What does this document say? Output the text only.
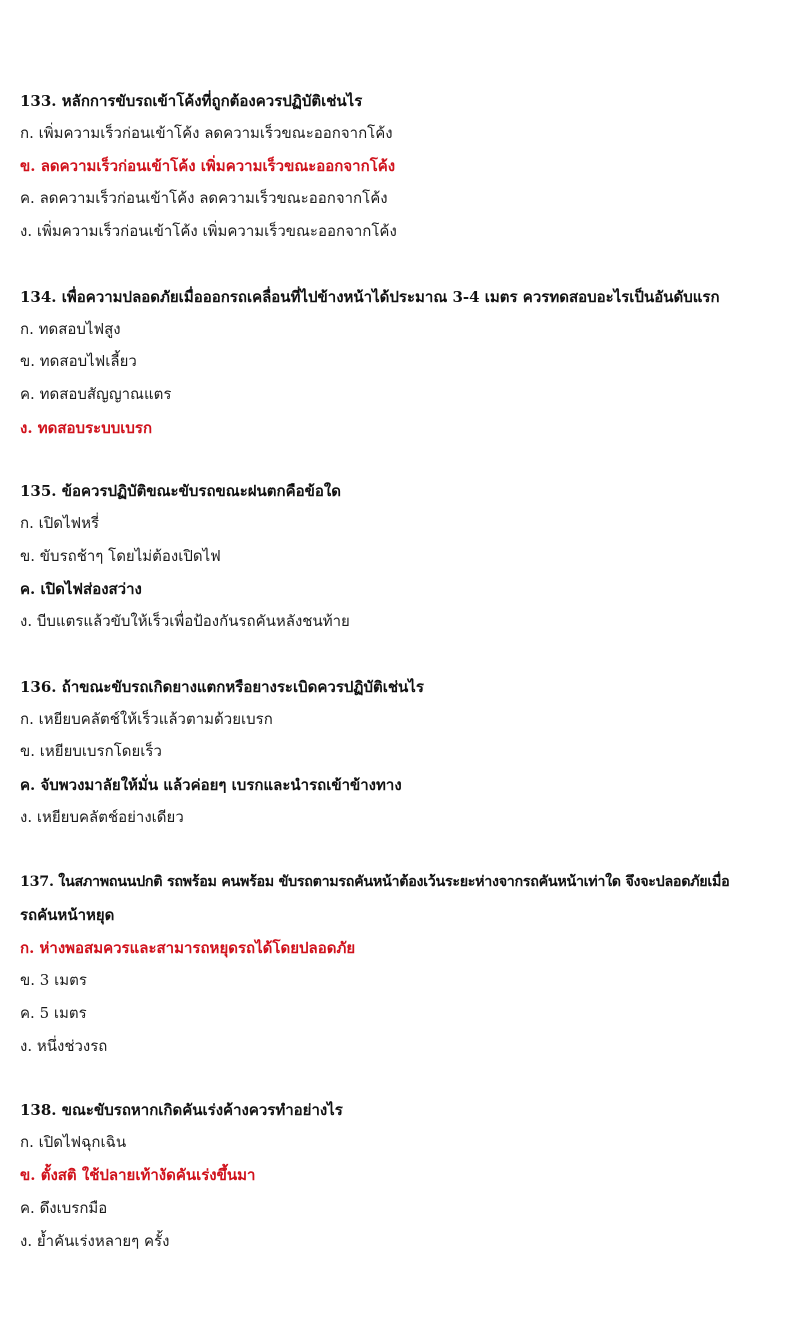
133. หลักการขับรถเข้าโค้งที่ถูกต้องควรปฏิบัติเช่นไร
ก. เพิ่มความเร็วก่อนเข้าโค้ง ลดความเร็วขณะออกจากโค้ง
ข. ลดความเร็วก่อนเข้าโค้ง เพิ่มความเร็วขณะออกจากโค้ง
ค. ลดความเร็วก่อนเข้าโค้ง ลดความเร็วขณะออกจากโค้ง
ง. เพิ่มความเร็วก่อนเข้าโค้ง เพิ่มความเร็วขณะออกจากโค้ง
134. เพื่อความปลอดภัยเมื่อออกรถเคลื่อนที่ไปข้างหน้าได้ประมาณ 3-4 เมตร ควรทดสอบอะไรเป็นอันดับแรก
ก. ทดสอบไฟสูง
ข. ทดสอบไฟเลี้ยว
ค. ทดสอบสัญญาณแตร
ง. ทดสอบระบบเบรก
135. ข้อควรปฏิบัติขณะขับรถขณะฝนตกคือข้อใด
ก. เปิดไฟหรี่
ข. ขับรถช้าๆ โดยไม่ต้องเปิดไฟ
ค. เปิดไฟส่องสว่าง
ง. บีบแตรแล้วขับให้เร็วเพื่อป้องกันรถคันหลังชนท้าย
136. ถ้าขณะขับรถเกิดยางแตกหรือยางระเบิดควรปฏิบัติเช่นไร
ก. เหยียบคลัตช์ให้เร็วแล้วตามด้วยเบรก
ข. เหยียบเบรกโดยเร็ว
ค. จับพวงมาลัยให้มั่น แล้วค่อยๆ เบรกและนำรถเข้าข้างทาง
ง. เหยียบคลัตช์อย่างเดียว
137. ในสภาพถนนปกติ รถพร้อม คนพร้อม ขับรถตามรถคันหน้าต้องเว้นระยะห่างจากรถคันหน้าเท่าใด จึงจะปลอดภัยเมื่อ
รถคันหน้าหยุด
ก. ห่างพอสมควรและสามารถหยุดรถได้โดยปลอดภัย
ข. 3 เมตร
ค. 5 เมตร
ง. หนึ่งช่วงรถ
138. ขณะขับรถหากเกิดคันเร่งค้างควรทำอย่างไร
ก. เปิดไฟฉุกเฉิน
ข. ตั้งสติ ใช้ปลายเท้างัดคันเร่งขึ้นมา
ค. ดึงเบรกมือ
ง. ย้ำคันเร่งหลายๆ ครั้ง
